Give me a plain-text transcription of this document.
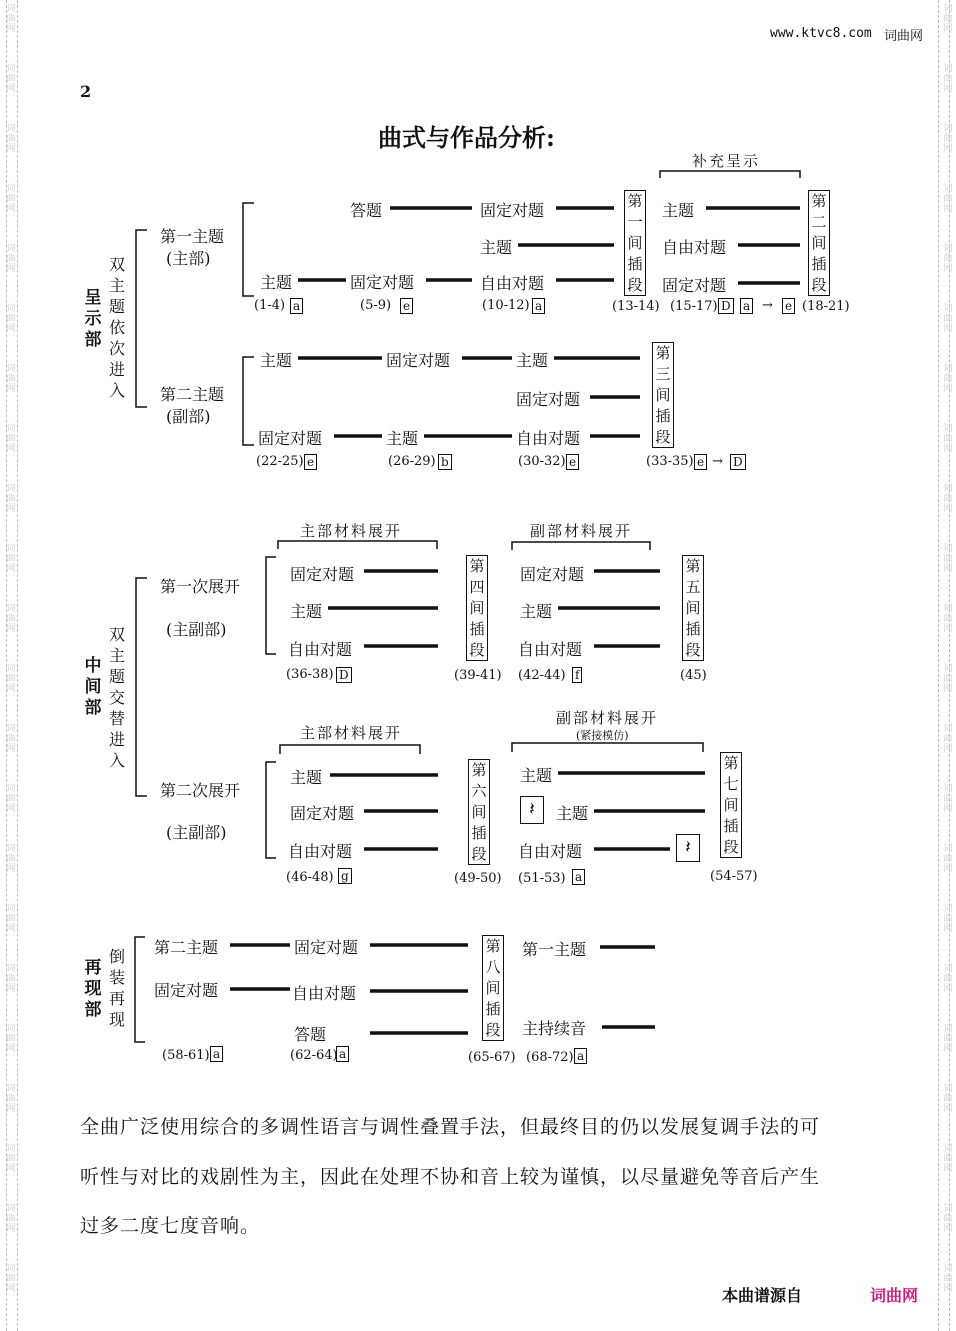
词
曲
网
词
曲
网
词
曲
网
词
曲
网
词
曲
网
词
曲
网
词
曲
网
词
曲
网
词
曲
网
词
曲
网
词
曲
网
词
曲
网
词
曲
网
词
曲
网
词
曲
网
词
曲
网
词
曲
网
词
曲
网
词
曲
网
词
曲
网
词
曲
网
词
曲
网
词
曲
网
词
曲
网
词
曲
网
词
曲
网
词
曲
网
词
曲
网
词
曲
网
词
曲
网
词
曲
网
词
曲
网
词
曲
网
词
曲
网
词
曲
网
词
曲
网
词
曲
网
词
曲
网
词
曲
网
词
曲
网
词
曲
网
词
曲
网
词
曲
网
词
曲
网
www.ktvc8.com 词曲网
2
曲式与作品分析:
呈示部
双主题依次进入
第一主题
(主部)
第二主题
(副部)
补充呈示
答题	固定对题	主题
主题	自由对题
主题	固定对题	自由对题	固定对题
第一间插段
第二间插段
(1-4) a	(5-9) e	(10-12) a	(13-14) (15-17) D a → e (18-21)
主题	固定对题	主题
固定对题
固定对题	主题	自由对题
第三间插段
(22-25) e	(26-29) b	(30-32) e	(33-35) e → D
中间部
双主题交替进入
第一次展开
(主副部)
第二次展开
(主副部)
主部材料展开	副部材料展开
主部材料展开
副部材料展开
(紧接模仿)
固定对题
主题
自由对题
固定对题
主题
自由对题
第四间插段
第五间插段
(36-38) D	(39-41) (42-44) f	(45)
主题
固定对题
自由对题
主题
𝄽	主题
自由对题	𝄽
第六间插段
第七间插段
(46-48) g	(49-50) (51-53) a	(54-57)
再现部
倒装再现
第二主题	固定对题
固定对题	自由对题
答题
第一主题
主持续音
第八间插段
(58-61) a	(62-64) a	(65-67) (68-72) a
全曲广泛使用综合的多调性语言与调性叠置手法，但最终目的仍以发展复调手法的可
听性与对比的戏剧性为主，因此在处理不协和音上较为谨慎，以尽量避免等音后产生
过多二度七度音响。
本曲谱源自	词曲网
